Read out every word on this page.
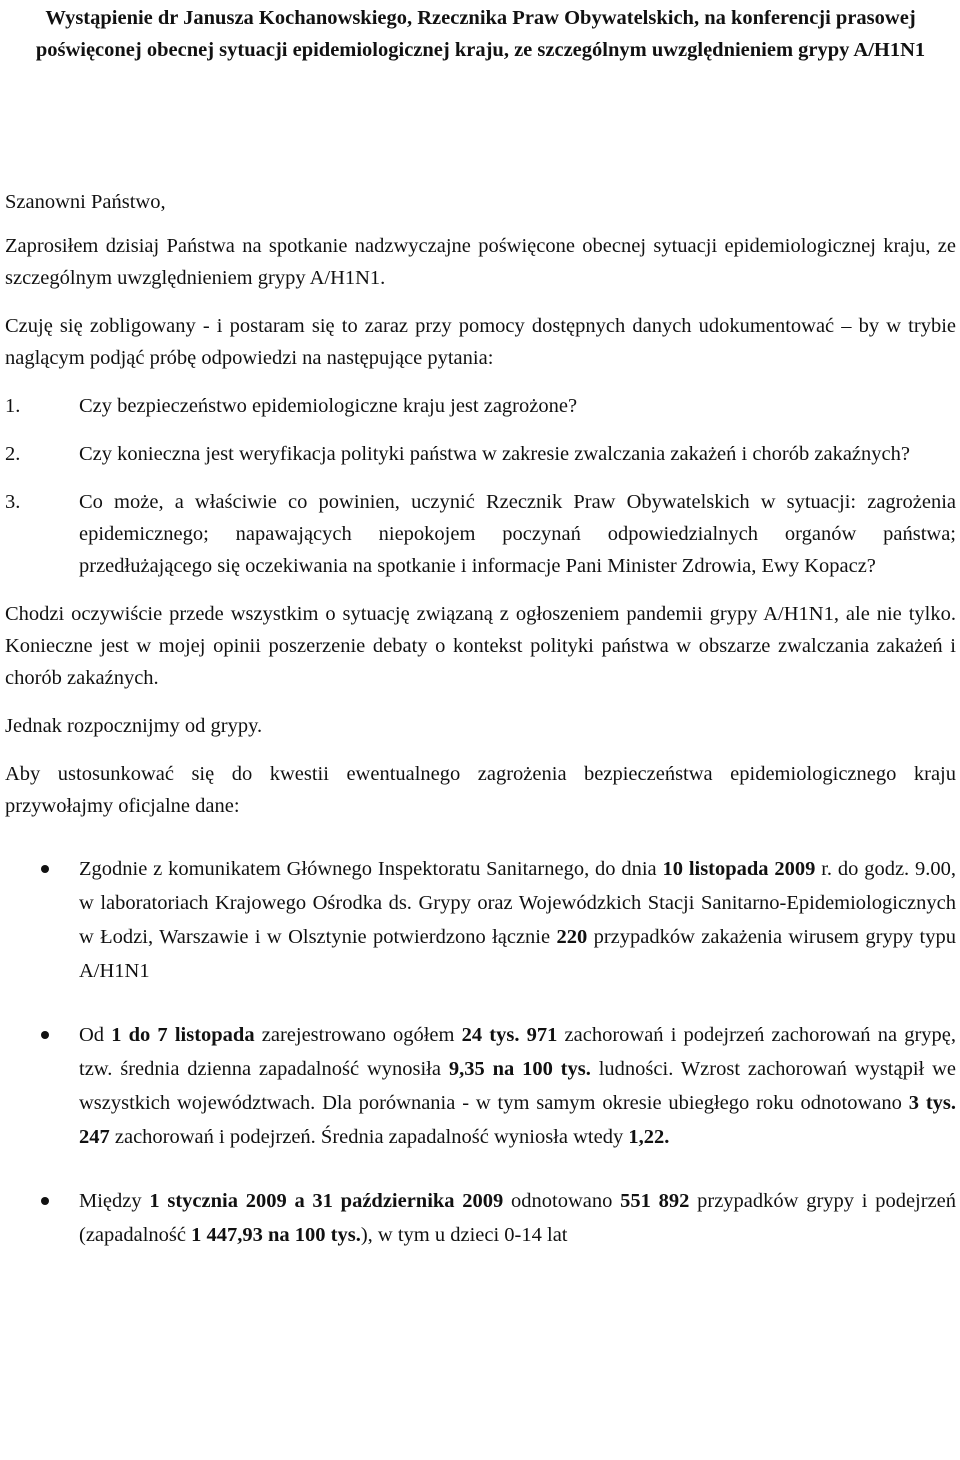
Wystąpienie dr Janusza Kochanowskiego, Rzecznika Praw Obywatelskich, na konferencji prasowej poświęconej obecnej sytuacji epidemiologicznej kraju, ze szczególnym uwzględnieniem grypy A/H1N1

Szanowni Państwo,

Zaprosiłem dzisiaj Państwa na spotkanie nadzwyczajne poświęcone obecnej sytuacji epidemiologicznej kraju, ze szczególnym uwzględnieniem grypy A/H1N1.

Czuję się zobligowany - i postaram się to zaraz przy pomocy dostępnych danych udokumentować – by w trybie naglącym podjąć próbę odpowiedzi na następujące pytania:

1.	Czy bezpieczeństwo epidemiologiczne kraju jest zagrożone?
2.	Czy konieczna jest weryfikacja polityki państwa w zakresie zwalczania zakażeń i chorób zakaźnych?
3.	Co może, a właściwie co powinien, uczynić Rzecznik Praw Obywatelskich w sytuacji: zagrożenia epidemicznego; napawających niepokojem poczynań odpowiedzialnych organów państwa; przedłużającego się oczekiwania na spotkanie i informacje Pani Minister Zdrowia, Ewy Kopacz?

Chodzi oczywiście przede wszystkim o sytuację związaną z ogłoszeniem pandemii grypy A/H1N1, ale nie tylko. Konieczne jest w mojej opinii poszerzenie debaty o kontekst polityki państwa w obszarze zwalczania zakażeń i chorób zakaźnych.

Jednak rozpocznijmy od grypy.

Aby ustosunkować się do kwestii ewentualnego zagrożenia bezpieczeństwa epidemiologicznego kraju przywołajmy oficjalne dane:

Zgodnie z komunikatem Głównego Inspektoratu Sanitarnego, do dnia 10 listopada 2009 r. do godz. 9.00, w laboratoriach Krajowego Ośrodka ds. Grypy oraz Wojewódzkich Stacji Sanitarno-Epidemiologicznych w Łodzi, Warszawie i w Olsztynie potwierdzono łącznie 220 przypadków zakażenia wirusem grypy typu A/H1N1
Od 1 do 7 listopada zarejestrowano ogółem 24 tys. 971 zachorowań i podejrzeń zachorowań na grypę, tzw. średnia dzienna zapadalność wynosiła 9,35 na 100 tys. ludności. Wzrost zachorowań wystąpił we wszystkich województwach. Dla porównania - w tym samym okresie ubiegłego roku odnotowano 3 tys. 247 zachorowań i podejrzeń. Średnia zapadalność wyniosła wtedy 1,22.
Między 1 stycznia 2009 a 31 października 2009 odnotowano 551 892 przypadków grypy i podejrzeń (zapadalność 1 447,93 na 100 tys.), w tym u dzieci 0-14 lat
